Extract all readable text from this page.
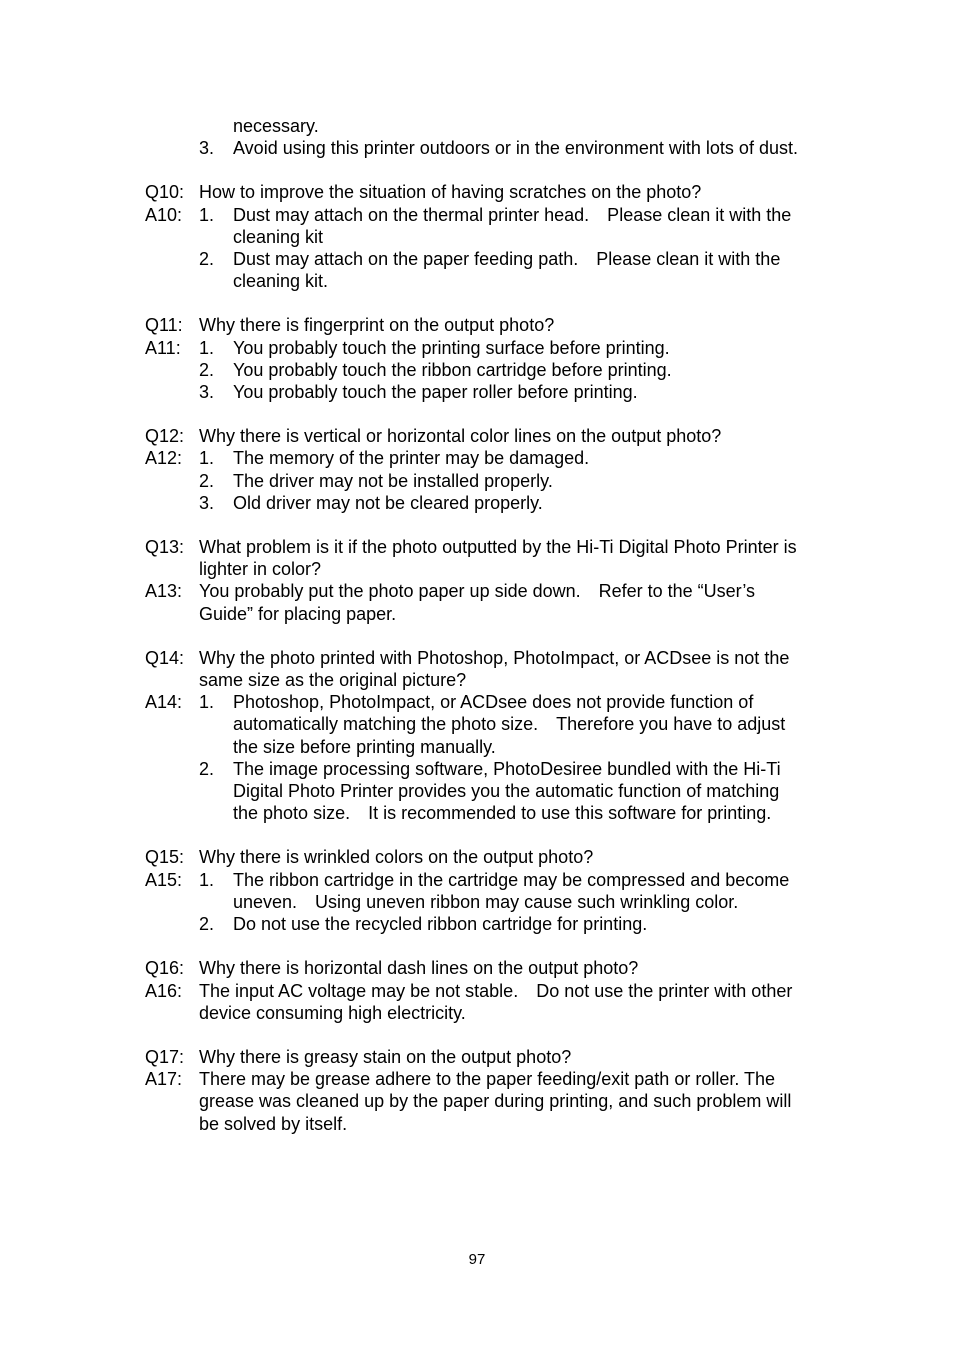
necessary.
3.	Avoid using this printer outdoors or in the environment with lots of dust.
Q10: How to improve the situation of having scratches on the photo?
A10: 1.	Dust may attach on the thermal printer head.　Please clean it with the cleaning kit
2.	Dust may attach on the paper feeding path.　Please clean it with the cleaning kit.
Q11: Why there is fingerprint on the output photo?
A11:	1.	You probably touch the printing surface before printing.
2.	You probably touch the ribbon cartridge before printing.
3.	You probably touch the paper roller before printing.
Q12: Why there is vertical or horizontal color lines on the output photo?
A12: 1.	The memory of the printer may be damaged.
2.	The driver may not be installed properly.
3.	Old driver may not be cleared properly.
Q13: What problem is it if the photo outputted by the Hi-Ti Digital Photo Printer is lighter in color?
A13: You probably put the photo paper up side down.　Refer to the “User’s Guide” for placing paper.
Q14: Why the photo printed with Photoshop, PhotoImpact, or ACDsee is not the same size as the original picture?
A14: 1.	Photoshop, PhotoImpact, or ACDsee does not provide function of automatically matching the photo size.　Therefore you have to adjust the size before printing manually.
2.	The image processing software, PhotoDesiree bundled with the Hi-Ti Digital Photo Printer provides you the automatic function of matching the photo size.　It is recommended to use this software for printing.
Q15: Why there is wrinkled colors on the output photo?
A15: 1.	The ribbon cartridge in the cartridge may be compressed and become uneven.　Using uneven ribbon may cause such wrinkling color.
2.	Do not use the recycled ribbon cartridge for printing.
Q16: Why there is horizontal dash lines on the output photo?
A16: The input AC voltage may be not stable.　Do not use the printer with other device consuming high electricity.
Q17: Why there is greasy stain on the output photo?
A17: There may be grease adhere to the paper feeding/exit path or roller. The grease was cleaned up by the paper during printing, and such problem will be solved by itself.
97
